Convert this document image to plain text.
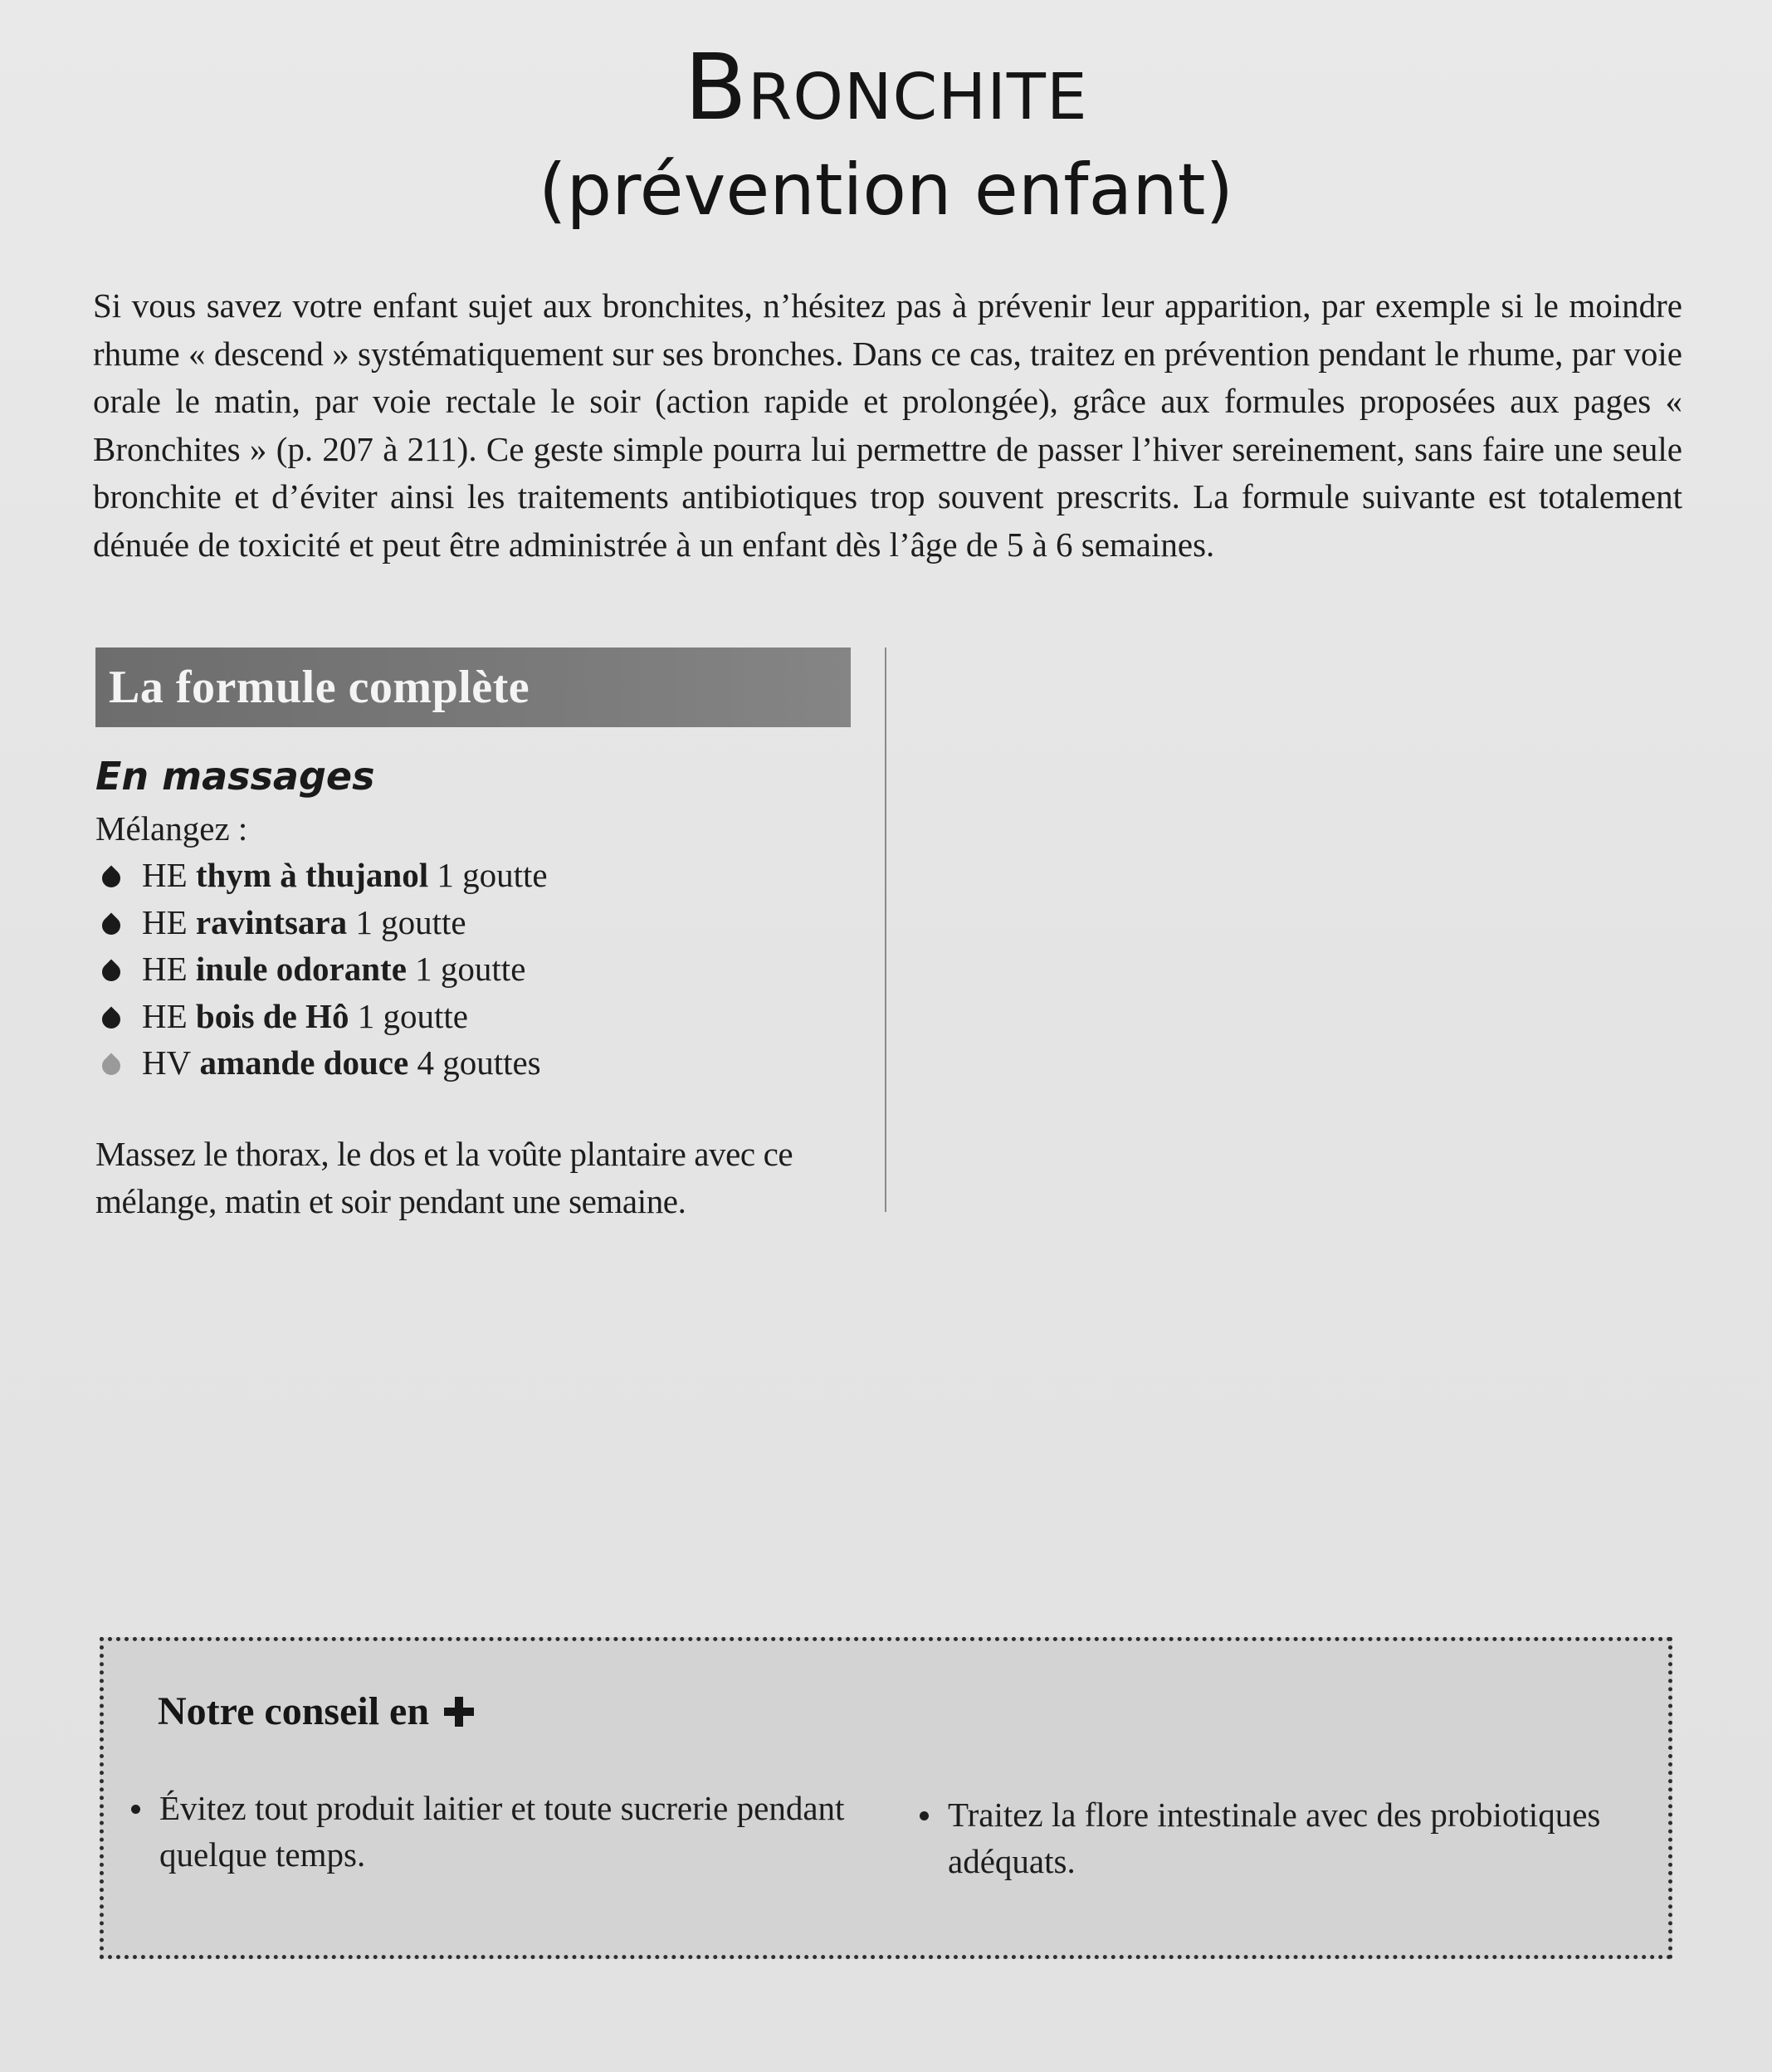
Bronchite
(prévention enfant)

Si vous savez votre enfant sujet aux bronchites, n’hésitez pas à prévenir leur apparition, par exemple si le moindre rhume « descend » systématiquement sur ses bronches. Dans ce cas, traitez en prévention pendant le rhume, par voie orale le matin, par voie rectale le soir (action rapide et prolongée), grâce aux formules proposées aux pages « Bronchites » (p. 207 à 211). Ce geste simple pourra lui permettre de passer l’hiver sereinement, sans faire une seule bronchite et d’éviter ainsi les traitements antibiotiques trop souvent prescrits. La formule suivante est totalement dénuée de toxicité et peut être administrée à un enfant dès l’âge de 5 à 6 semaines.

La formule complète
En massages
Mélangez :
HE
thym à thujanol
1 goutte
HE
ravintsara
1 goutte
HE
inule odorante
1 goutte
HE
bois de Hô
1 goutte
HV
amande douce
4 gouttes

Massez le thorax, le dos et la voûte plantaire avec ce mélange, matin et soir pendant une semaine.

Notre conseil en
Évitez tout produit laitier et toute sucrerie pendant quelque temps.
Traitez la flore intestinale avec des probiotiques adéquats.
